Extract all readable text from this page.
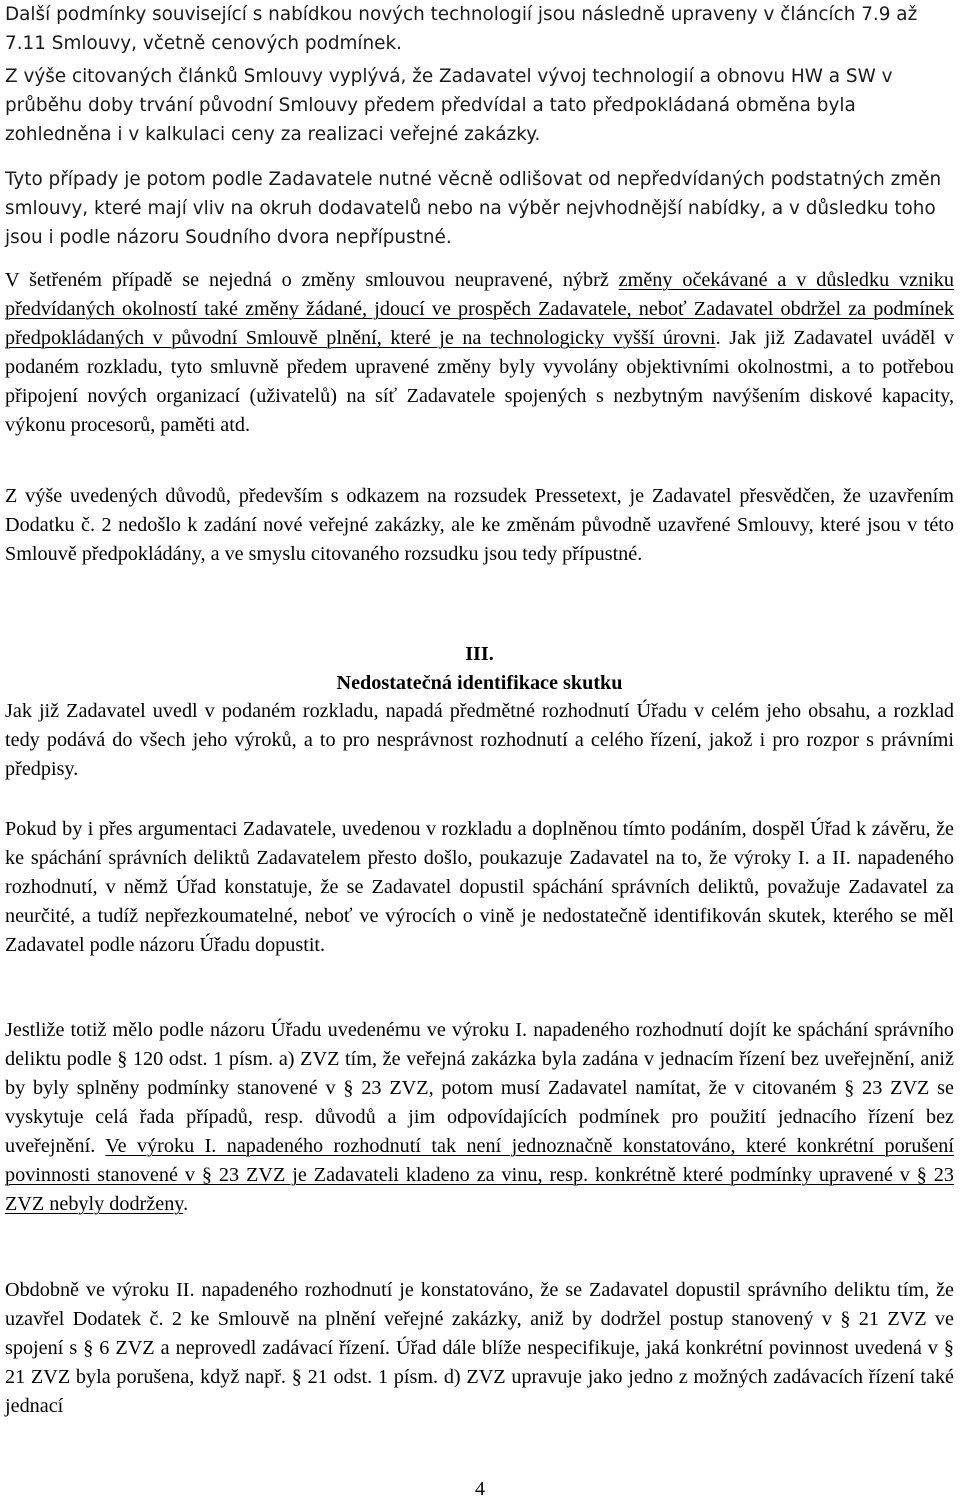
Další podmínky související s nabídkou nových technologií jsou následně upraveny v článcích 7.9 až 7.11 Smlouvy, včetně cenových podmínek.

Z výše citovaných článků Smlouvy vyplývá, že Zadavatel vývoj technologií a obnovu HW a SW v průběhu doby trvání původní Smlouvy předem předvídal a tato předpokládaná obměna byla zohledněna i v kalkulaci ceny za realizaci veřejné zakázky.

Tyto případy je potom podle Zadavatele nutné věcně odlišovat od nepředvídaných podstatných změn smlouvy, které mají vliv na okruh dodavatelů nebo na výběr nejvhodnější nabídky, a v důsledku toho jsou i podle názoru Soudního dvora nepřípustné.

V šetřeném případě se nejedná o změny smlouvou neupravené, nýbrž změny očekávané a v důsledku vzniku předvídaných okolností také změny žádané, jdoucí ve prospěch Zadavatele, neboť Zadavatel obdržel za podmínek předpokládaných v původní Smlouvě plnění, které je na technologicky vyšší úrovni. Jak již Zadavatel uváděl v podaném rozkladu, tyto smluvně předem upravené změny byly vyvolány objektivními okolnostmi, a to potřebou připojení nových organizací (uživatelů) na síť Zadavatele spojených s nezbytným navýšením diskové kapacity, výkonu procesorů, paměti atd.

Z výše uvedených důvodů, především s odkazem na rozsudek Pressetext, je Zadavatel přesvědčen, že uzavřením Dodatku č. 2 nedošlo k zadání nové veřejné zakázky, ale ke změnám původně uzavřené Smlouvy, které jsou v této Smlouvě předpokládány, a ve smyslu citovaného rozsudku jsou tedy přípustné.

III.

Nedostatečná identifikace skutku

Jak již Zadavatel uvedl v podaném rozkladu, napadá předmětné rozhodnutí Úřadu v celém jeho obsahu, a rozklad tedy podává do všech jeho výroků, a to pro nesprávnost rozhodnutí a celého řízení, jakož i pro rozpor s právními předpisy.

Pokud by i přes argumentaci Zadavatele, uvedenou v rozkladu a doplněnou tímto podáním, dospěl Úřad k závěru, že ke spáchání správních deliktů Zadavatelem přesto došlo, poukazuje Zadavatel na to, že výroky I. a II. napadeného rozhodnutí, v němž Úřad konstatuje, že se Zadavatel dopustil spáchání správních deliktů, považuje Zadavatel za neurčité, a tudíž nepřezkoumatelné, neboť ve výrocích o vině je nedostatečně identifikován skutek, kterého se měl Zadavatel podle názoru Úřadu dopustit.

Jestliže totiž mělo podle názoru Úřadu uvedenému ve výroku I. napadeného rozhodnutí dojít ke spáchání správního deliktu podle § 120 odst. 1 písm. a) ZVZ tím, že veřejná zakázka byla zadána v jednacím řízení bez uveřejnění, aniž by byly splněny podmínky stanovené v § 23 ZVZ, potom musí Zadavatel namítat, že v citovaném § 23 ZVZ se vyskytuje celá řada případů, resp. důvodů a jim odpovídajících podmínek pro použití jednacího řízení bez uveřejnění. Ve výroku I. napadeného rozhodnutí tak není jednoznačně konstatováno, které konkrétní porušení povinnosti stanovené v § 23 ZVZ je Zadavateli kladeno za vinu, resp. konkrétně které podmínky upravené v § 23 ZVZ nebyly dodrženy.

Obdobně ve výroku II. napadeného rozhodnutí je konstatováno, že se Zadavatel dopustil správního deliktu tím, že uzavřel Dodatek č. 2 ke Smlouvě na plnění veřejné zakázky, aniž by dodržel postup stanovený v § 21 ZVZ ve spojení s § 6 ZVZ a neprovedl zadávací řízení. Úřad dále blíže nespecifikuje, jaká konkrétní povinnost uvedená v § 21 ZVZ byla porušena, když např. § 21 odst. 1 písm. d) ZVZ upravuje jako jedno z možných zadávacích řízení také jednací

4
